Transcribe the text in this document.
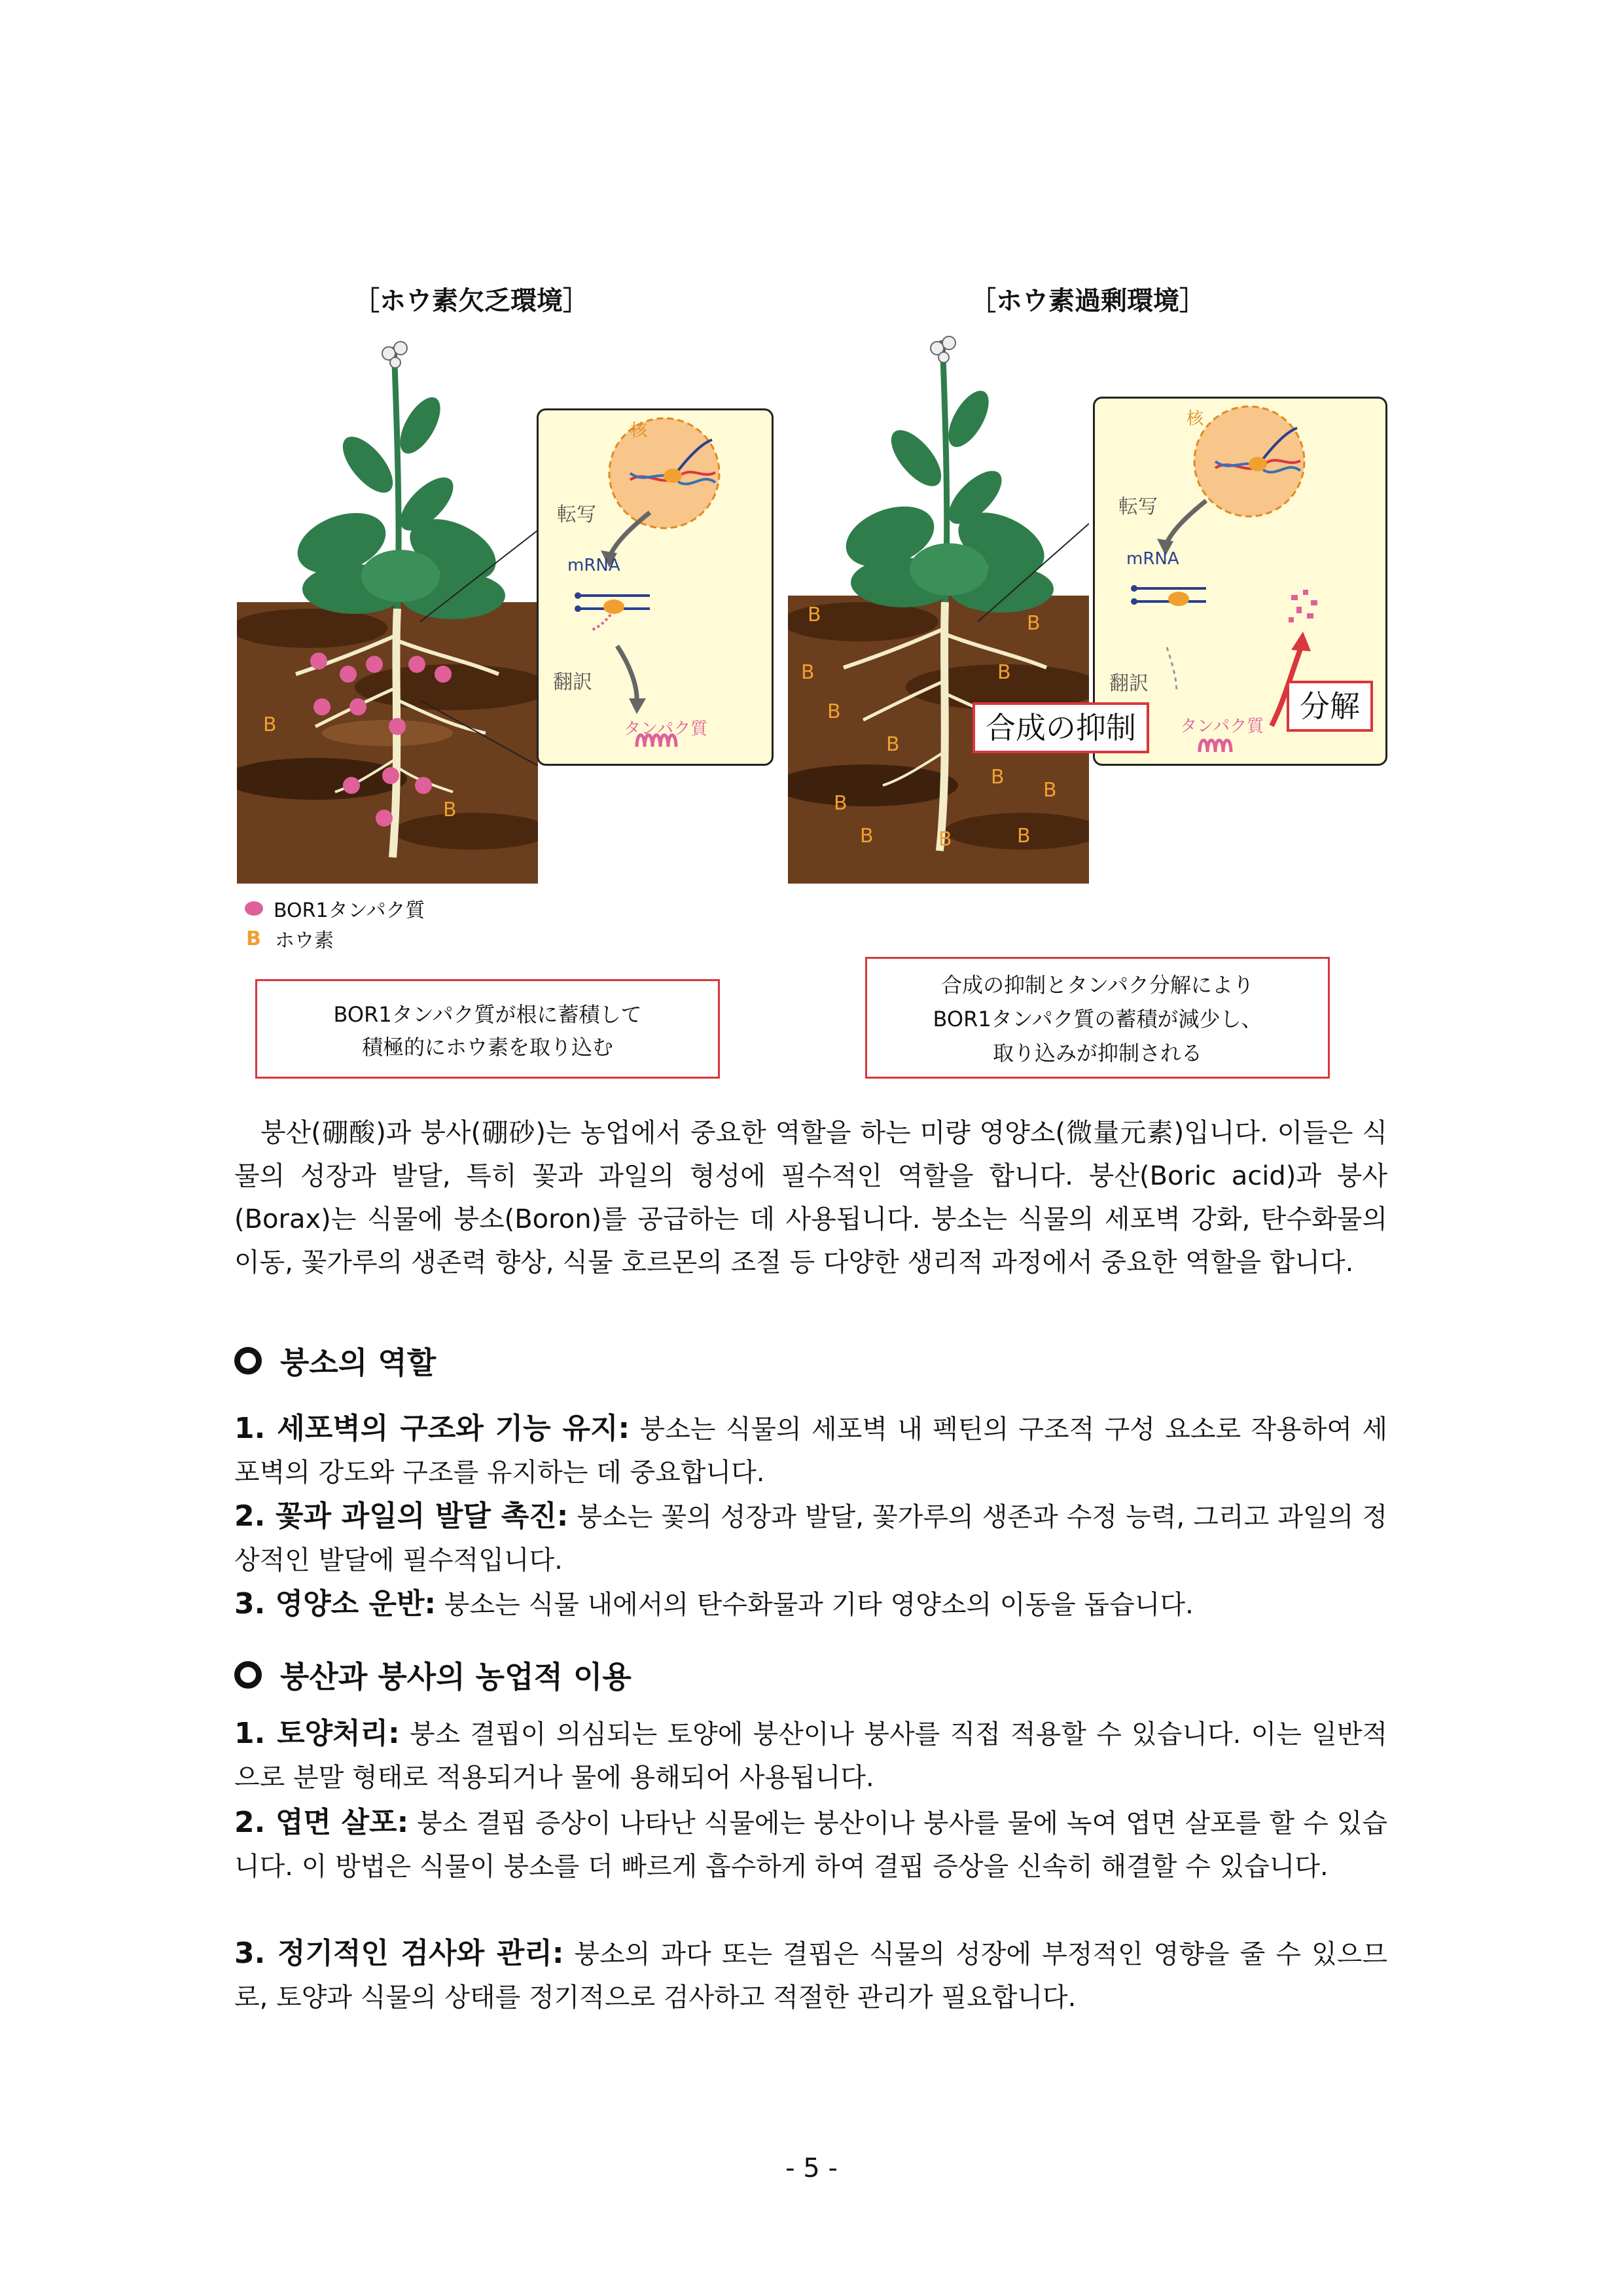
［ホウ素欠乏環境］	［ホウ素過剰環境］
B
B
核
転写
mRNA
翻訳
タンパク質
B	B
B	B
B
B
B
B
B
B	B	B
核
転写
mRNA
翻訳
タンパク質
合成の抑制
分解
BOR1タンパク質
B ホウ素
BOR1タンパク質が根に蓄積して
積極的にホウ素を取り込む
合成の抑制とタンパク分解により
BOR1タンパク質の蓄積が減少し、
取り込みが抑制される

붕산(硼酸)과 붕사(硼砂)는 농업에서 중요한 역할을 하는 미량 영양소(微量元素)입니다. 이들은 식물의 성장과 발달, 특히 꽃과 과일의 형성에 필수적인 역할을 합니다. 붕산(Boric acid)과 붕사(Borax)는 식물에 붕소(Boron)를 공급하는 데 사용됩니다. 붕소는 식물의 세포벽 강화, 탄수화물의 이동, 꽃가루의 생존력 향상, 식물 호르몬의 조절 등 다양한 생리적 과정에서 중요한 역할을 합니다.

붕소의 역할

1. 세포벽의 구조와 기능 유지: 붕소는 식물의 세포벽 내 펙틴의 구조적 구성 요소로 작용하여 세포벽의 강도와 구조를 유지하는 데 중요합니다.

2. 꽃과 과일의 발달 촉진: 붕소는 꽃의 성장과 발달, 꽃가루의 생존과 수정 능력, 그리고 과일의 정상적인 발달에 필수적입니다.

3. 영양소 운반: 붕소는 식물 내에서의 탄수화물과 기타 영양소의 이동을 돕습니다.

붕산과 붕사의 농업적 이용

1. 토양처리: 붕소 결핍이 의심되는 토양에 붕산이나 붕사를 직접 적용할 수 있습니다. 이는 일반적으로 분말 형태로 적용되거나 물에 용해되어 사용됩니다.

2. 엽면 살포: 붕소 결핍 증상이 나타난 식물에는 붕산이나 붕사를 물에 녹여 엽면 살포를 할 수 있습니다. 이 방법은 식물이 붕소를 더 빠르게 흡수하게 하여 결핍 증상을 신속히 해결할 수 있습니다.

3. 정기적인 검사와 관리: 붕소의 과다 또는 결핍은 식물의 성장에 부정적인 영향을 줄 수 있으므로, 토양과 식물의 상태를 정기적으로 검사하고 적절한 관리가 필요합니다.

- 5 -
